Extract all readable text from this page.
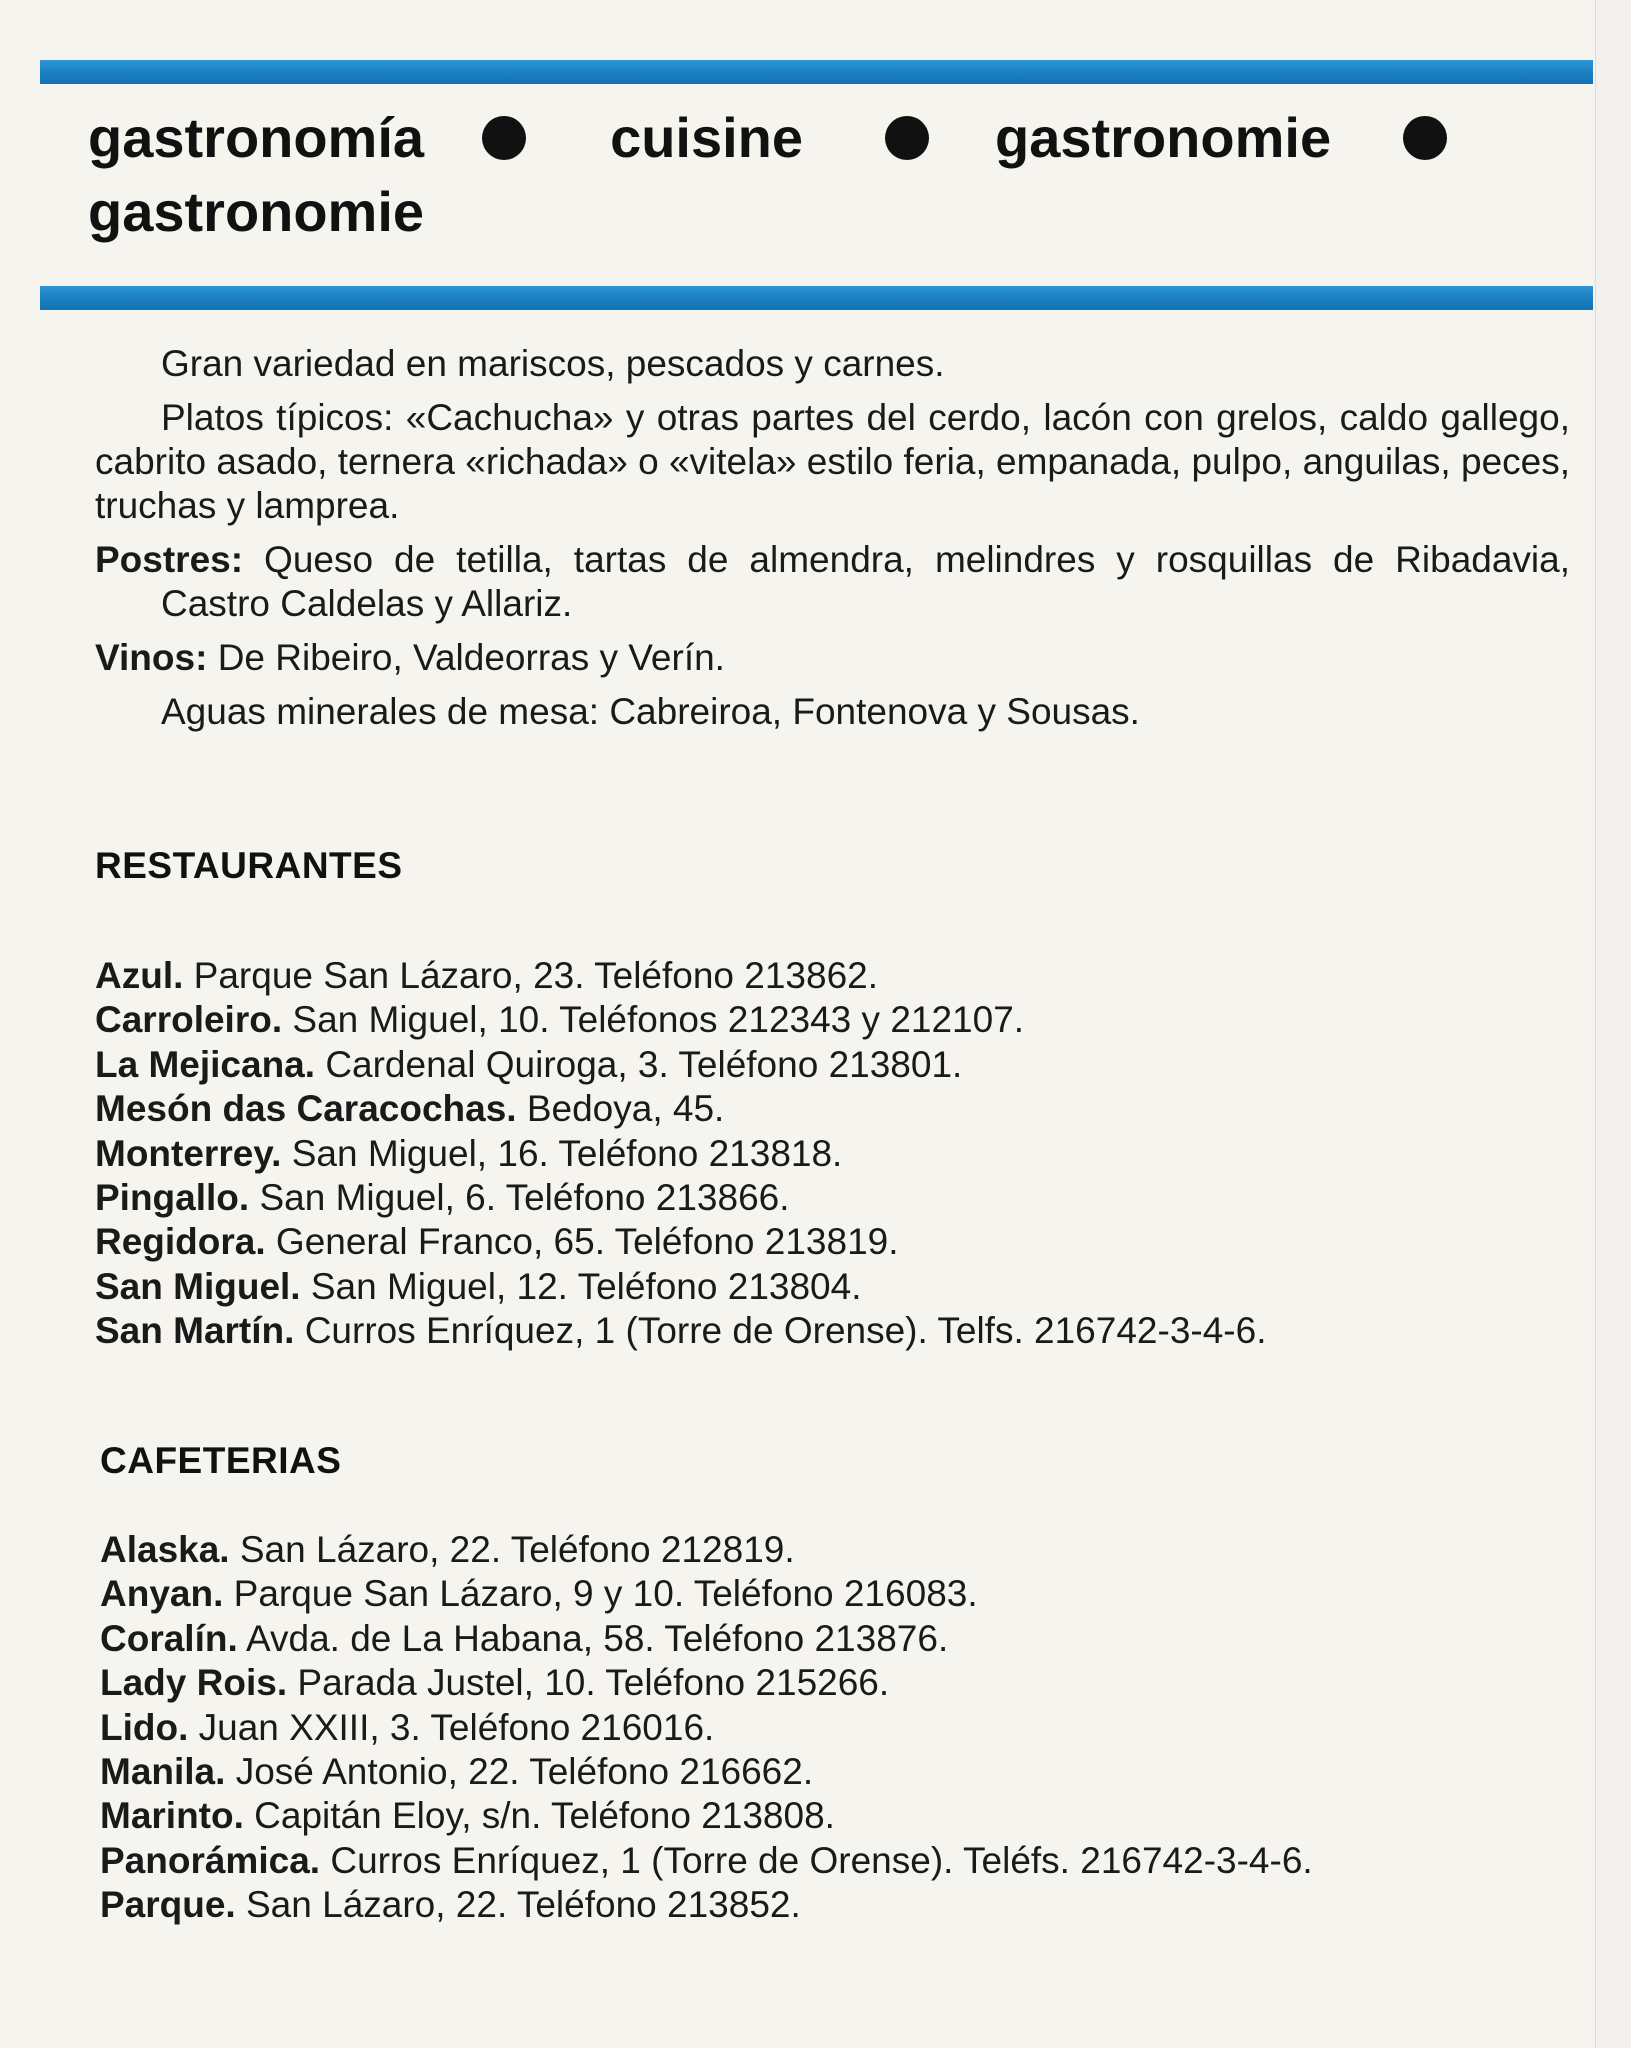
gastronomía	cuisine	gastronomie
gastronomie

Gran variedad en mariscos, pescados y carnes.

Platos típicos: «Cachucha» y otras partes del cerdo, lacón con grelos, caldo gallego, cabrito asado, ternera «richada» o «vitela» estilo feria, empanada, pulpo, anguilas, peces, truchas y lamprea.

Postres: Queso de tetilla, tartas de almendra, melindres y rosquillas de Ribadavia, Castro Caldelas y Allariz.

Vinos: De Ribeiro, Valdeorras y Verín.

Aguas minerales de mesa: Cabreiroa, Fontenova y Sousas.

RESTAURANTES
Azul. Parque San Lázaro, 23. Teléfono 213862.
Carroleiro. San Miguel, 10. Teléfonos 212343 y 212107.
La Mejicana. Cardenal Quiroga, 3. Teléfono 213801.
Mesón das Caracochas. Bedoya, 45.
Monterrey. San Miguel, 16. Teléfono 213818.
Pingallo. San Miguel, 6. Teléfono 213866.
Regidora. General Franco, 65. Teléfono 213819.
San Miguel. San Miguel, 12. Teléfono 213804.
San Martín. Curros Enríquez, 1 (Torre de Orense). Telfs. 216742-3-4-6.
CAFETERIAS
Alaska. San Lázaro, 22. Teléfono 212819.
Anyan. Parque San Lázaro, 9 y 10. Teléfono 216083.
Coralín. Avda. de La Habana, 58. Teléfono 213876.
Lady Rois. Parada Justel, 10. Teléfono 215266.
Lido. Juan XXIII, 3. Teléfono 216016.
Manila. José Antonio, 22. Teléfono 216662.
Marinto. Capitán Eloy, s/n. Teléfono 213808.
Panorámica. Curros Enríquez, 1 (Torre de Orense). Teléfs. 216742-3-4-6.
Parque. San Lázaro, 22. Teléfono 213852.
